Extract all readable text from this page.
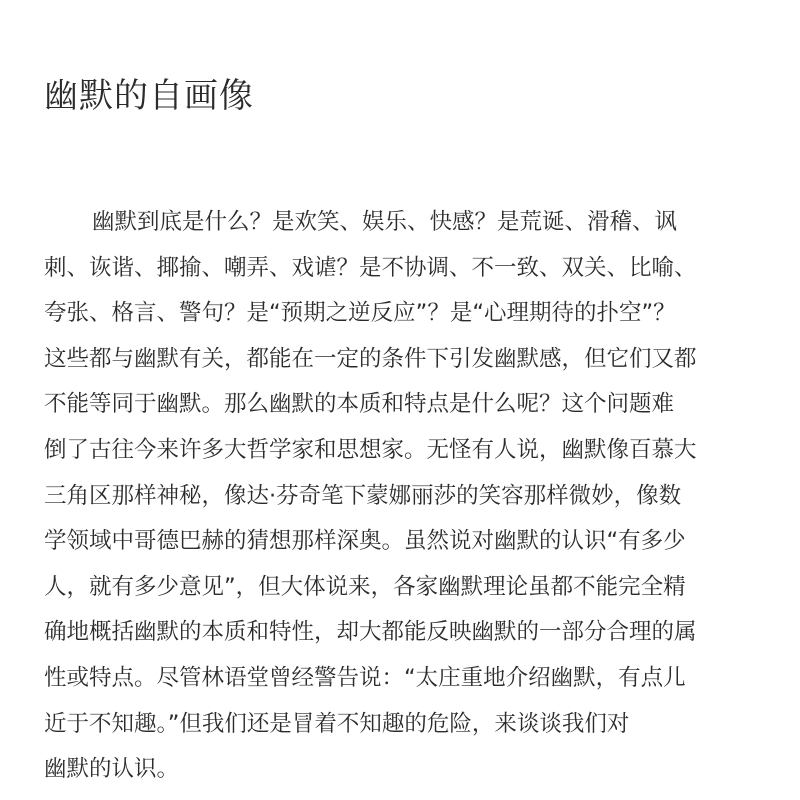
幽默的自画像
幽默到底是什么？是欢笑、娱乐、快感？是荒诞、滑稽、讽
刺、诙谐、揶揄、嘲弄、戏谑？是不协调、不一致、双关、比喻、
夸张、格言、警句？是“预期之逆反应”？是“心理期待的扑空”？
这些都与幽默有关，都能在一定的条件下引发幽默感，但它们又都
不能等同于幽默。那么幽默的本质和特点是什么呢？这个问题难
倒了古往今来许多大哲学家和思想家。无怪有人说，幽默像百慕大
三角区那样神秘，像达·芬奇笔下蒙娜丽莎的笑容那样微妙，像数
学领域中哥德巴赫的猜想那样深奥。虽然说对幽默的认识“有多少
人，就有多少意见”，但大体说来，各家幽默理论虽都不能完全精
确地概括幽默的本质和特性，却大都能反映幽默的一部分合理的属
性或特点。尽管林语堂曾经警告说：“太庄重地介绍幽默，有点儿
近于不知趣。”但我们还是冒着不知趣的危险，来谈谈我们对
幽默的认识。
